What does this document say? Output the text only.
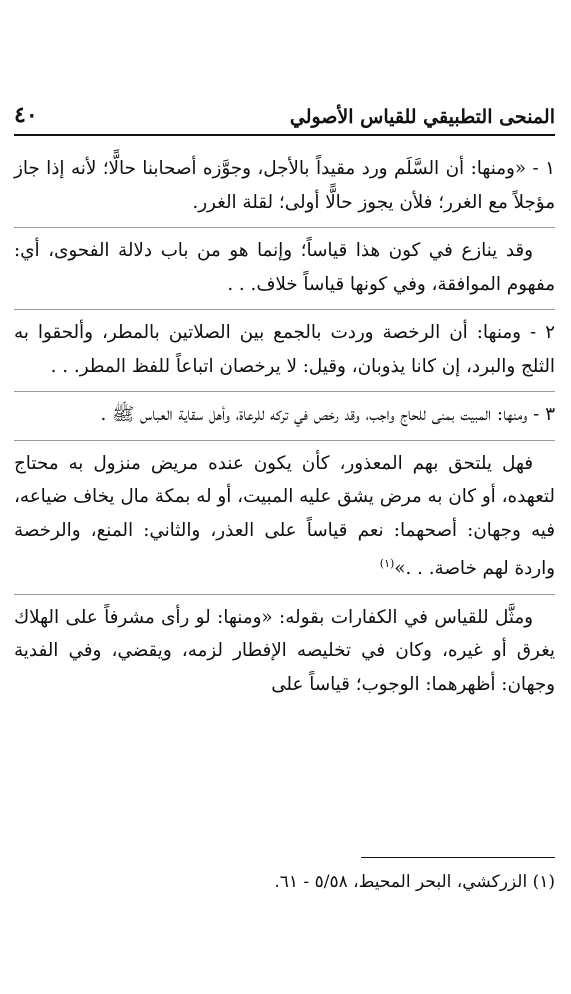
المنحى التطبيقي للقياس الأصولي
٤٠

١ - «ومنها: أن السَّلَم ورد مقيداً بالأجل، وجوَّزه أصحابنا حالًّا؛ لأنه إذا جاز مؤجلاً مع الغرر؛ فلأن يجوز حالًّا أولى؛ لقلة الغرر.

وقد ينازع في كون هذا قياساً؛ وإنما هو من باب دلالة الفحوى، أي: مفهوم الموافقة، وفي كونها قياساً خلاف. . .

٢ - ومنها: أن الرخصة وردت بالجمع بين الصلاتين بالمطر، وألحقوا به الثلج والبرد، إن كانا يذوبان، وقيل: لا يرخصان اتباعاً للفظ المطر. . .

٣ - ومنها: المبيت بمنى للحاج واجب، وقد رخص في تركه للرعاة، وأهل سقاية العباس ﷺ .

فهل يلتحق بهم المعذور، كأن يكون عنده مريض منزول به محتاج لتعهده، أو كان به مرض يشق عليه المبيت، أو له بمكة مال يخاف ضياعه، فيه وجهان: أصحهما: نعم قياساً على العذر، والثاني: المنع، والرخصة واردة لهم خاصة. . .»$^{(١)}$

ومثَّل للقياس في الكفارات بقوله: «ومنها: لو رأى مشرفاً على الهلاك يغرق أو غيره، وكان في تخليصه الإفطار لزمه، ويقضي، وفي الفدية وجهان: أظهرهما: الوجوب؛ قياساً على

(١) الزركشي، البحر المحيط، ٥/٥٨ - ٦١.
